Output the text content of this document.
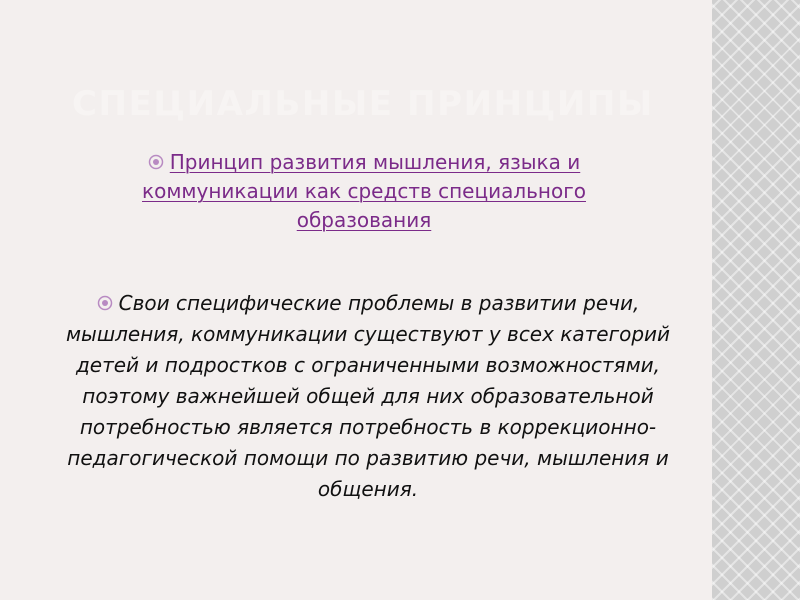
СПЕЦИАЛЬНЫЕ ПРИНЦИПЫ

Принцип развития мышления, языка и коммуникации как средств специального образования

Свои специфические проблемы в развитии речи, мышления, коммуникации существуют у всех категорий детей и подростков с ограниченными возможностями, поэтому важнейшей общей для них образовательной потребностью является потребность в коррекционно-педагогической помощи по развитию речи, мышления и общения.
